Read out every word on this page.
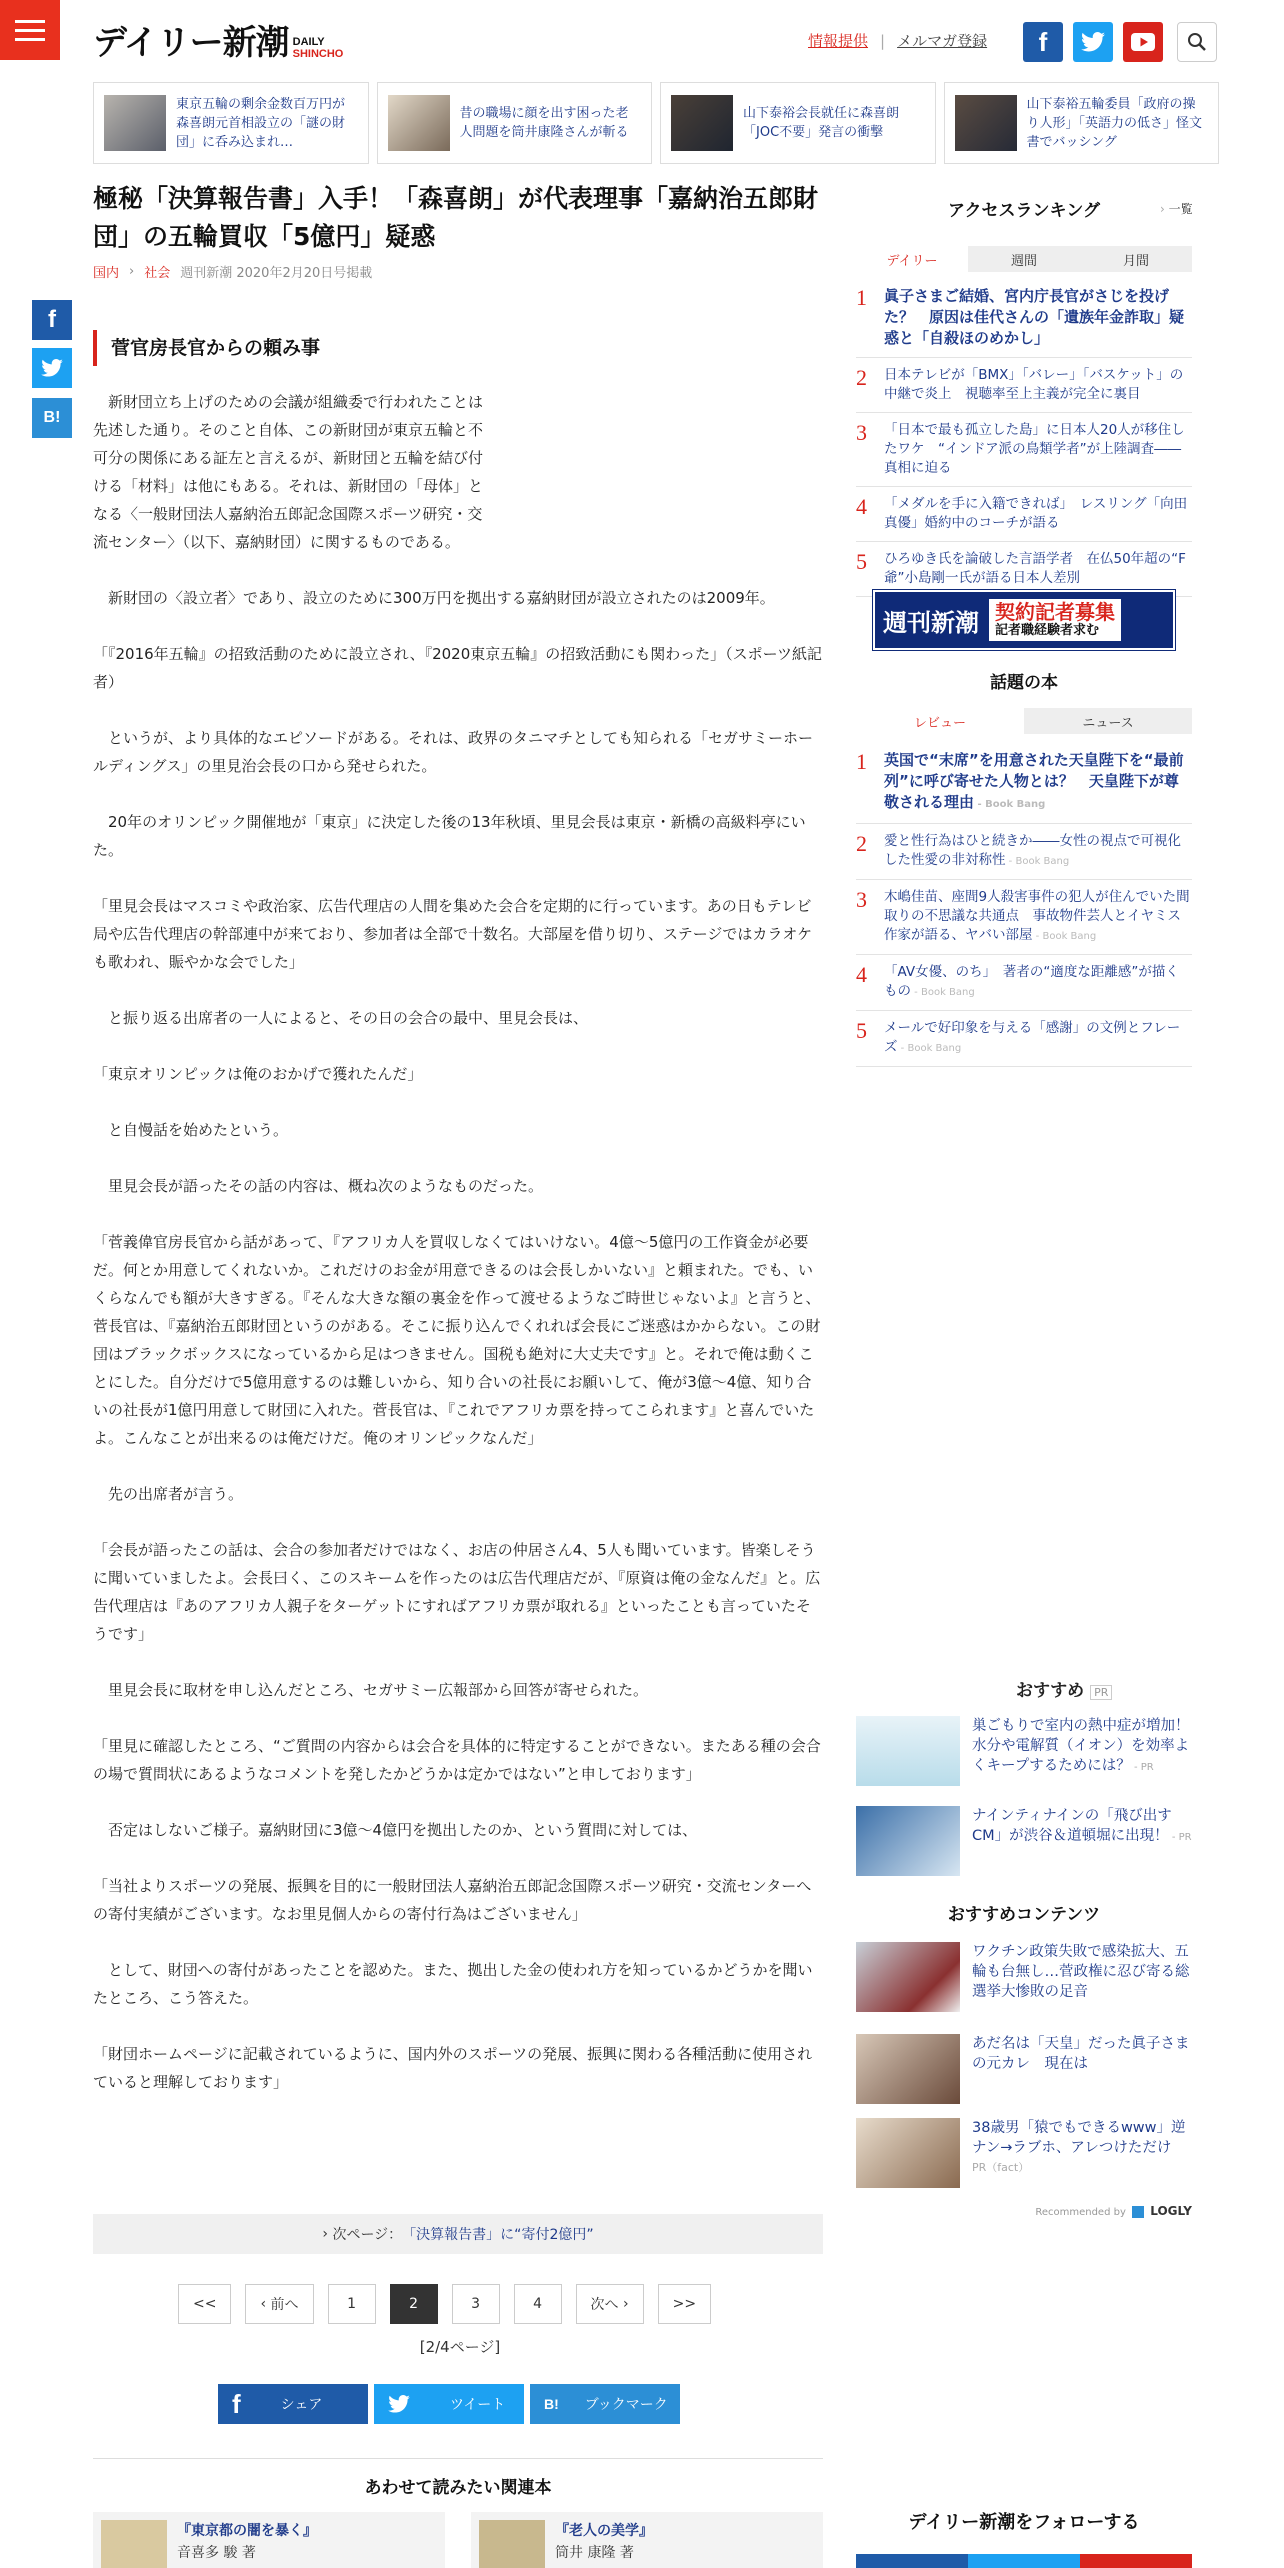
デイリー新潮 DAILY
SHINCHO
情報提供 | メルマガ登録	f
東京五輪の剰余金数百万円が森喜朗元首相設立の「謎の財団」に呑み込まれ…
昔の職場に顔を出す困った老人問題を筒井康隆さんが斬る
山下泰裕会長就任に森喜朗「JOC不要」発言の衝撃
山下泰裕五輪委員「政府の操り人形」「英語力の低さ」怪文書でバッシング
極秘「決算報告書」入手！「森喜朗」が代表理事「嘉納治五郎財団」の五輪買収「5億円」疑惑
国内 › 社会 週刊新潮 2020年2月20日号掲載
f
B!
菅官房長官からの頼み事

　新財団立ち上げのための会議が組織委で行われたことは先述した通り。そのこと自体、この新財団が東京五輪と不可分の関係にある証左と言えるが、新財団と五輪を結び付ける「材料」は他にもある。それは、新財団の「母体」となる〈一般財団法人嘉納治五郎記念国際スポーツ研究・交流センター〉（以下、嘉納財団）に関するものである。

　新財団の〈設立者〉であり、設立のために300万円を拠出する嘉納財団が設立されたのは2009年。

「『2016年五輪』の招致活動のために設立され、『2020東京五輪』の招致活動にも関わった」（スポーツ紙記者）

　というが、より具体的なエピソードがある。それは、政界のタニマチとしても知られる「セガサミーホールディングス」の里見治会長の口から発せられた。

　20年のオリンピック開催地が「東京」に決定した後の13年秋頃、里見会長は東京・新橋の高級料亭にいた。

「里見会長はマスコミや政治家、広告代理店の人間を集めた会合を定期的に行っています。あの日もテレビ局や広告代理店の幹部連中が来ており、参加者は全部で十数名。大部屋を借り切り、ステージではカラオケも歌われ、賑やかな会でした」

　と振り返る出席者の一人によると、その日の会合の最中、里見会長は、

「東京オリンピックは俺のおかげで獲れたんだ」

　と自慢話を始めたという。

　里見会長が語ったその話の内容は、概ね次のようなものだった。

「菅義偉官房長官から話があって、『アフリカ人を買収しなくてはいけない。4億～5億円の工作資金が必要だ。何とか用意してくれないか。これだけのお金が用意できるのは会長しかいない』と頼まれた。でも、いくらなんでも額が大きすぎる。『そんな大きな額の裏金を作って渡せるようなご時世じゃないよ』と言うと、菅長官は、『嘉納治五郎財団というのがある。そこに振り込んでくれれば会長にご迷惑はかからない。この財団はブラックボックスになっているから足はつきません。国税も絶対に大丈夫です』と。それで俺は動くことにした。自分だけで5億用意するのは難しいから、知り合いの社長にお願いして、俺が3億～4億、知り合いの社長が1億円用意して財団に入れた。菅長官は、『これでアフリカ票を持ってこられます』と喜んでいたよ。こんなことが出来るのは俺だけだ。俺のオリンピックなんだ」

　先の出席者が言う。

「会長が語ったこの話は、会合の参加者だけではなく、お店の仲居さん4、5人も聞いています。皆楽しそうに聞いていましたよ。会長曰く、このスキームを作ったのは広告代理店だが、『原資は俺の金なんだ』と。広告代理店は『あのアフリカ人親子をターゲットにすればアフリカ票が取れる』といったことも言っていたそうです」

　里見会長に取材を申し込んだところ、セガサミー広報部から回答が寄せられた。

「里見に確認したところ、“ご質問の内容からは会合を具体的に特定することができない。またある種の会合の場で質問状にあるようなコメントを発したかどうかは定かではない”と申しております」

　否定はしないご様子。嘉納財団に3億～4億円を拠出したのか、という質問に対しては、

「当社よりスポーツの発展、振興を目的に一般財団法人嘉納治五郎記念国際スポーツ研究・交流センターへの寄付実績がございます。なお里見個人からの寄付行為はございません」

　として、財団への寄付があったことを認めた。また、拠出した金の使われ方を知っているかどうかを聞いたところ、こう答えた。

「財団ホームページに記載されているように、国内外のスポーツの発展、振興に関わる各種活動に使用されていると理解しております」

› 次ページ： 「決算報告書」に“寄付2億円”
<<	‹ 前へ	1	2	3	4	次へ ›	>>
[2/4ページ]
f	シェア	ツイート	B! ブックマーク
あわせて読みたい関連本
『東京都の闇を暴く』
音喜多 駿 著
『老人の美学』
筒井 康隆 著
アクセスランキング	› 一覧
デイリー	週間	月間
1	眞子さまご結婚、宮内庁長官がさじを投げた？　原因は佳代さんの「遺族年金詐取」疑惑と「自殺ほのめかし」
2	日本テレビが「BMX」「バレー」「バスケット」の中継で炎上　視聴率至上主義が完全に裏目
3	「日本で最も孤立した島」に日本人20人が移住したワケ　“インドア派の鳥類学者”が上陸調査――真相に迫る
4	「メダルを手に入籍できれば」　レスリング「向田真優」婚約中のコーチが語る
5	ひろゆき氏を論破した言語学者　在仏50年超の“F爺”小島剛一氏が語る日本人差別
週刊新潮 契約記者募集
記者職経験者求む
話題の本
レビュー	ニュース
1	英国で“末席”を用意された天皇陛下を“最前列”に呼び寄せた人物とは？　天皇陛下が尊敬される理由 - Book Bang
2	愛と性行為はひと続きか――女性の視点で可視化した性愛の非対称性 - Book Bang
3	木嶋佳苗、座間9人殺害事件の犯人が住んでいた間取りの不思議な共通点　事故物件芸人とイヤミス作家が語る、ヤバい部屋 - Book Bang
4	「AV女優、のち」　著者の“適度な距離感”が描くもの - Book Bang
5	メールで好印象を与える「感謝」の文例とフレーズ - Book Bang
おすすめ PR
巣ごもりで室内の熱中症が増加！　水分や電解質（イオン）を効率よくキープするためには？ - PR
ナインティナインの「飛び出すCM」が渋谷＆道頓堀に出現！ - PR
おすすめコンテンツ
ワクチン政策失敗で感染拡大、五輪も台無し…菅政権に忍び寄る総選挙大惨敗の足音
あだ名は「天皇」だった眞子さまの元カレ　現在は
38歳男「猿でもできるwww」逆ナン→ラブホ、アレつけただけ
PR（fact）
Recommended by LOGLY
デイリー新潮をフォローする
